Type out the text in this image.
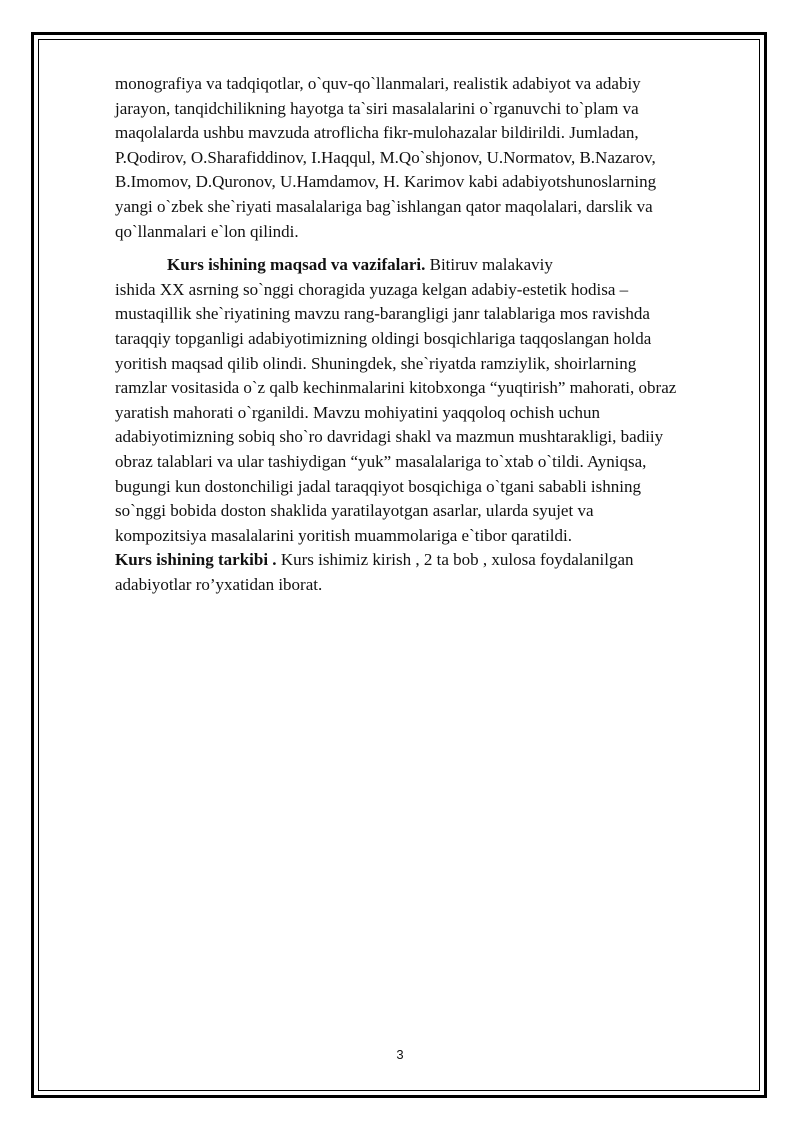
monografiya va tadqiqotlar, o`quv-qo`llanmalari, realistik adabiyot va adabiy
jarayon, tanqidchilikning hayotga ta`siri masalalarini o`rganuvchi to`plam va
maqolalarda ushbu mavzuda atroflicha fikr-mulohazalar bildirildi. Jumladan,
P.Qodirov, O.Sharafiddinov, I.Haqqul, M.Qo`shjonov, U.Normatov, B.Nazarov,
B.Imomov, D.Quronov, U.Hamdamov, H. Karimov kabi adabiyotshunoslarning
yangi o`zbek she`riyati masalalariga bag`ishlangan qator maqolalari, darslik va
qo`llanmalari e`lon qilindi.
Kurs ishining maqsad va vazifalari. Bitiruv malakaviy
ishida XX asrning so`nggi choragida yuzaga kelgan adabiy-estetik hodisa –
mustaqillik she`riyatining mavzu rang-barangligi janr talablariga mos ravishda
taraqqiy topganligi adabiyotimizning oldingi bosqichlariga taqqoslangan holda
yoritish maqsad qilib olindi. Shuningdek, she`riyatda ramziylik, shoirlarning
ramzlar vositasida o`z qalb kechinmalarini kitobxonga “yuqtirish” mahorati, obraz
yaratish mahorati o`rganildi. Mavzu mohiyatini yaqqoloq ochish uchun
adabiyotimizning sobiq sho`ro davridagi shakl va mazmun mushtarakligi, badiiy
obraz talablari va ular tashiydigan “yuk” masalalariga to`xtab o`tildi. Ayniqsa,
bugungi kun dostonchiligi jadal taraqqiyot bosqichiga o`tgani sababli ishning
so`nggi bobida doston shaklida yaratilayotgan asarlar, ularda syujet va
kompozitsiya masalalarini yoritish muammolariga e`tibor qaratildi.
Kurs ishining tarkibi . Kurs ishimiz kirish , 2 ta bob , xulosa foydalanilgan
adabiyotlar ro’yxatidan iborat.
3
